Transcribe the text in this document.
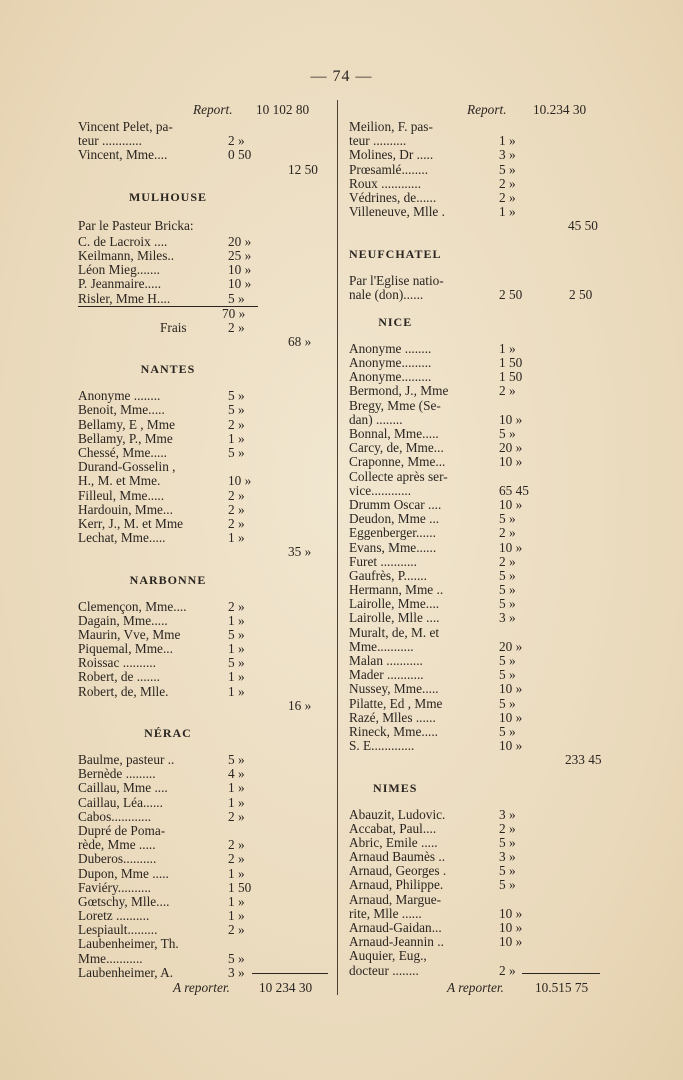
— 74 —
Report. 10 102 80
Vincent Pelet, pa-
teur ............	2 »
Vincent, Mme....	0 50
12 50
MULHOUSE
Par le Pasteur Bricka:
C. de Lacroix ....	20 »
Keilmann, Miles..	25 »
Léon Mieg.......	10 »
P. Jeanmaire.....	10 »
Risler, Mme H....	5 »
70 »
Frais	2 »
68 »
NANTES
Anonyme ........	5 »
Benoit, Mme.....	5 »
Bellamy, E , Mme	2 »
Bellamy, P., Mme	1 »
Chessé, Mme.....	5 »
Durand-Gosselin ,
H., M. et Mme.	10 »
Filleul, Mme.....	2 »
Hardouin, Mme...	2 »
Kerr, J., M. et Mme	2 »
Lechat, Mme.....	1 »
35 »
NARBONNE
Clemençon, Mme....	2 »
Dagain, Mme.....	1 »
Maurin, Vve, Mme	5 »
Piquemal, Mme...	1 »
Roissac ..........	5 »
Robert, de .......	1 »
Robert, de, Mlle.	1 »
16 »
NÉRAC
Baulme, pasteur ..	5 »
Bernède .........	4 »
Caillau, Mme ....	1 »
Caillau, Léa......	1 »
Cabos............	2 »
Dupré de Poma-
rède, Mme .....	2 »
Duberos..........	2 »
Dupon, Mme .....	1 »
Faviéry..........	1 50
Gœtschy, Mlle....	1 »
Loretz ..........	1 »
Lespiault.........	2 »
Laubenheimer, Th.
Mme...........	5 »
Laubenheimer, A.	3 »
Report. 10.234 30
Meilion, F. pas-
teur ..........	1 »
Molines, Dr .....	3 »
Prœsamlé........	5 »
Roux ............	2 »
Védrines, de......	2 »
Villeneuve, Mlle .	1 »
45 50
NEUFCHATEL
Par l'Eglise natio-
nale (don)......	2 50	2 50
NICE
Anonyme ........	1 »
Anonyme.........	1 50
Anonyme.........	1 50
Bermond, J., Mme	2 »
Bregy, Mme (Se-
dan) ........	10 »
Bonnal, Mme.....	5 »
Carcy, de, Mme...	20 »
Craponne, Mme...	10 »
Collecte après ser-
vice............	65 45
Drumm Oscar ....	10 »
Deudon, Mme ...	5 »
Eggenberger......	2 »
Evans, Mme......	10 »
Furet ...........	2 »
Gaufrès, P.......	5 »
Hermann, Mme ..	5 »
Lairolle, Mme....	5 »
Lairolle, Mlle ....	3 »
Muralt, de, M. et
Mme...........	20 »
Malan ...........	5 »
Mader ...........	5 »
Nussey, Mme.....	10 »
Pilatte, Ed , Mme	5 »
Razé, Mlles ......	10 »
Rineck, Mme.....	5 »
S. E.............	10 »
233 45
NIMES
Abauzit, Ludovic.	3 »
Accabat, Paul....	2 »
Abric, Emile .....	5 »
Arnaud Baumès ..	3 »
Arnaud, Georges .	5 »
Arnaud, Philippe.	5 »
Arnaud, Margue-
rite, Mlle ......	10 »
Arnaud-Gaidan...	10 »
Arnaud-Jeannin ..	10 »
Auquier, Eug.,
docteur ........	2 »
A reporter. 10 234 30	A reporter. 10.515 75
